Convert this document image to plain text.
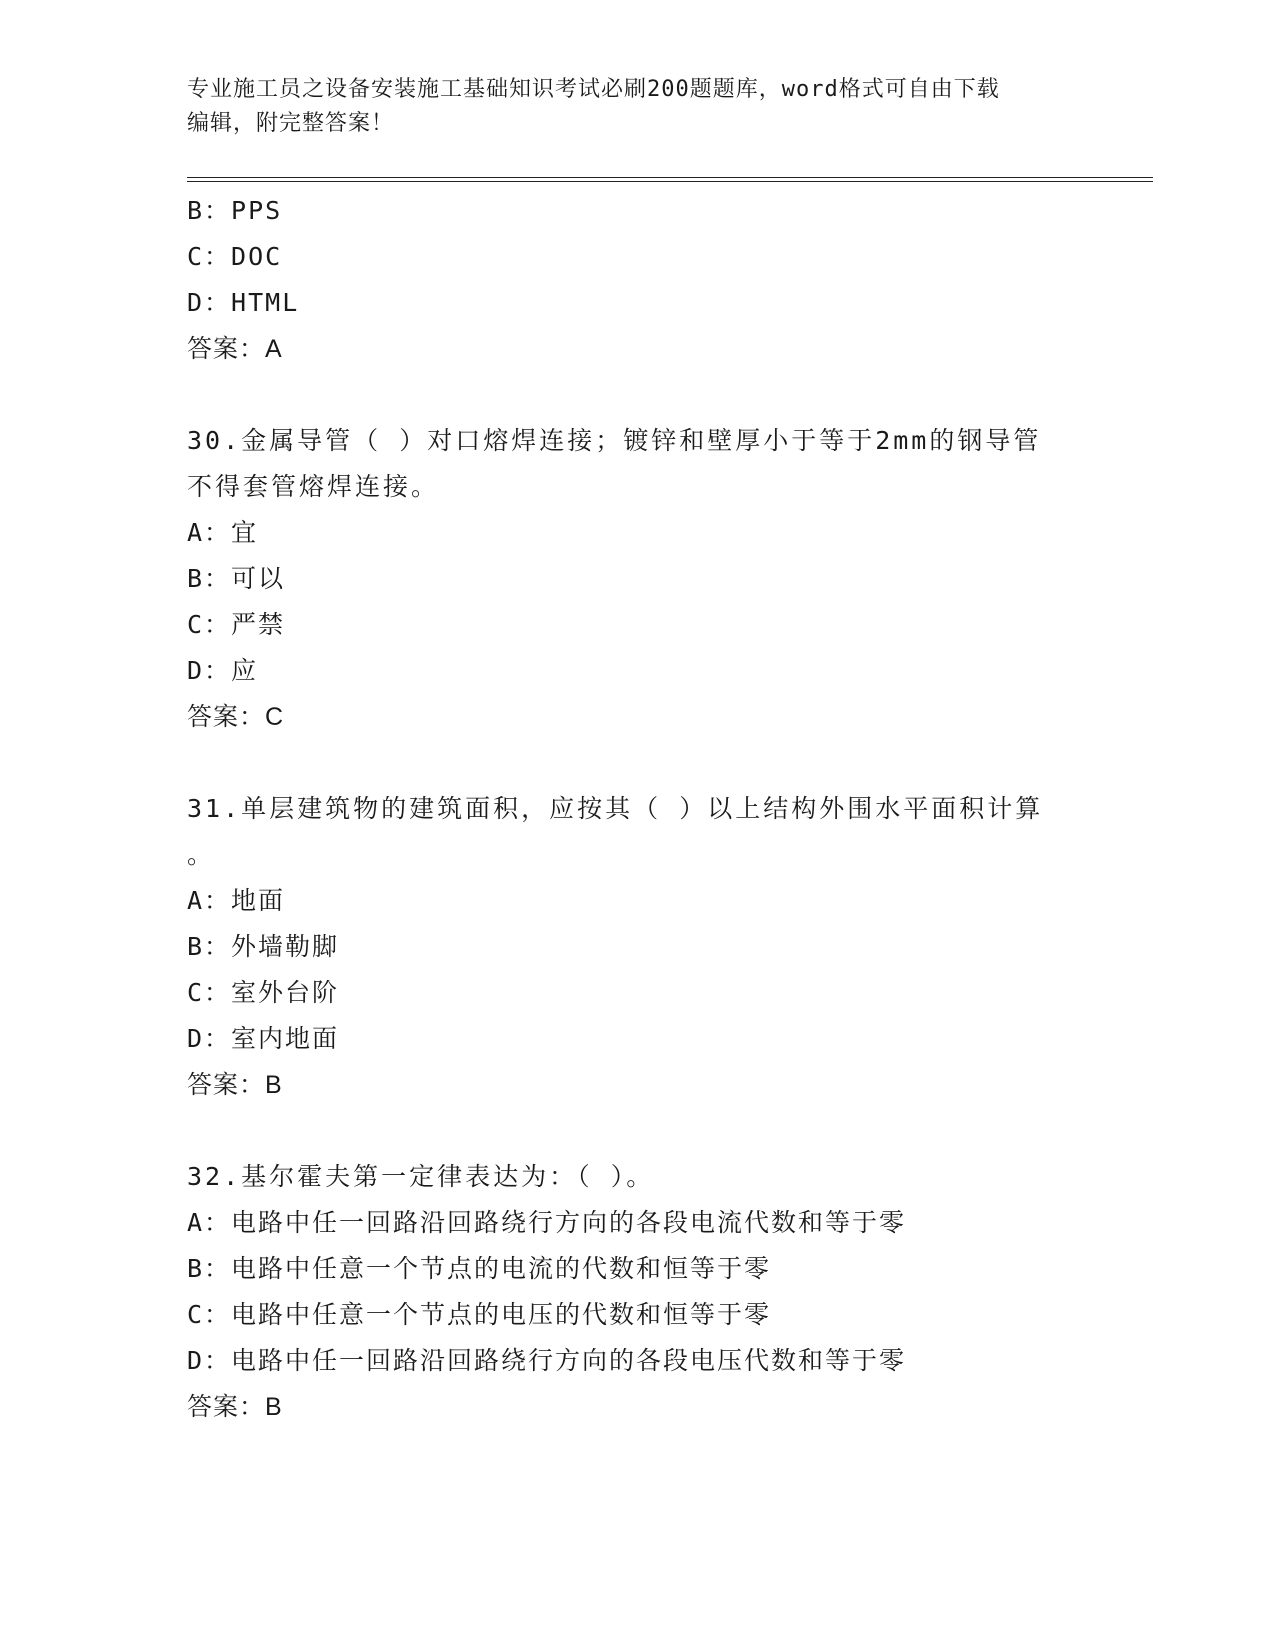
专业施工员之设备安装施工基础知识考试必刷200题题库，word格式可自由下载
编辑，附完整答案！
B：PPS
C：DOC
D：HTML
答案：A
30.金属导管（ ）对口熔焊连接；镀锌和壁厚小于等于2mm的钢导管
不得套管熔焊连接。
A：宜
B：可以
C：严禁
D：应
答案：C
31.单层建筑物的建筑面积，应按其（ ）以上结构外围水平面积计算
。
A：地面
B：外墙勒脚
C：室外台阶
D：室内地面
答案：B
32.基尔霍夫第一定律表达为：（ ）。
A：电路中任一回路沿回路绕行方向的各段电流代数和等于零
B：电路中任意一个节点的电流的代数和恒等于零
C：电路中任意一个节点的电压的代数和恒等于零
D：电路中任一回路沿回路绕行方向的各段电压代数和等于零
答案：B
